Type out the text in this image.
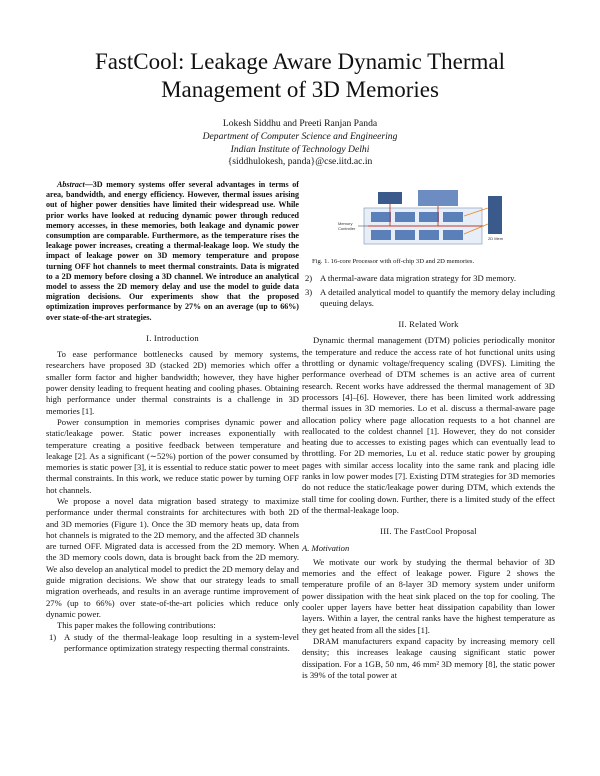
FastCool: Leakage Aware Dynamic Thermal
Management of 3D Memories
Lokesh Siddhu and Preeti Ranjan Panda
Department of Computer Science and Engineering
Indian Institute of Technology Delhi
{siddhulokesh, panda}@cse.iitd.ac.in

Abstract—3D memory systems offer several advantages in terms of area, bandwidth, and energy efficiency. However, thermal issues arising out of higher power densities have limited their widespread use. While prior works have looked at reducing dynamic power through reduced memory accesses, in these memories, both leakage and dynamic power consumption are comparable. Furthermore, as the temperature rises the leakage power increases, creating a thermal-leakage loop. We study the impact of leakage power on 3D memory temperature and propose turning OFF hot channels to meet thermal constraints. Data is migrated to a 2D memory before closing a 3D channel. We introduce an analytical model to assess the 2D memory delay and use the model to guide data migration decisions. Our experiments show that the proposed optimization improves performance by 27% on an average (up to 66%) over state-of-the-art strategies.

I. Introduction

To ease performance bottlenecks caused by memory systems, researchers have proposed 3D (stacked 2D) memories which offer a smaller form factor and higher bandwidth; however, they have higher power density leading to frequent heating and cooling phases. Obtaining high performance under thermal constraints is a challenge in 3D memories [1].

Power consumption in memories comprises dynamic power and static/leakage power. Static power increases exponentially with temperature creating a positive feedback between temperature and leakage [2]. As a significant (∼52%) portion of the power consumed by memories is static power [3], it is essential to reduce static power to meet thermal constraints. In this work, we reduce static power by turning OFF hot channels.

We propose a novel data migration based strategy to maximize performance under thermal constraints for architectures with both 2D and 3D memories (Figure 1). Once the 3D memory heats up, data from hot channels is migrated to the 2D memory, and the affected 3D channels are turned OFF. Migrated data is accessed from the 2D memory. When the 3D memory cools down, data is brought back from the 2D memory. We also develop an analytical model to predict the 2D memory delay and guide migration decisions. We show that our strategy leads to small migration overheads, and results in an average runtime improvement of 27% (up to 66%) over state-of-the-art policies which reduce only dynamic power.

This paper makes the following contributions:

1) A study of the thermal-leakage loop resulting in a system-level performance optimization strategy respecting thermal constraints.
Memory Controller
2D Mem
Fig. 1. 16-core Processor with off-chip 3D and 2D memories.
2) A thermal-aware data migration strategy for 3D memory.
3) A detailed analytical model to quantify the memory delay including queuing delays.
II. Related Work

Dynamic thermal management (DTM) policies periodically monitor the temperature and reduce the access rate of hot functional units using throttling or dynamic voltage/frequency scaling (DVFS). Limiting the performance overhead of DTM schemes is an active area of current research. Recent works have addressed the thermal management of 3D processors [4]–[6]. However, there has been limited work addressing thermal issues in 3D memories. Lo et al. discuss a thermal-aware page allocation policy where page allocation requests to a hot channel are reallocated to the coldest channel [1]. However, they do not consider heating due to accesses to existing pages which can eventually lead to throttling. For 2D memories, Lu et al. reduce static power by grouping pages with similar access locality into the same rank and placing idle ranks in low power modes [7]. Existing DTM strategies for 3D memories do not reduce the static/leakage power during DTM, which extends the stall time for cooling down. Further, there is a limited study of the effect of the thermal-leakage loop.

III. The FastCool Proposal
A. Motivation

We motivate our work by studying the thermal behavior of 3D memories and the effect of leakage power. Figure 2 shows the temperature profile of an 8-layer 3D memory system under uniform power dissipation with the heat sink placed on the top for cooling. The cooler upper layers have better heat dissipation capability than lower layers. Within a layer, the central ranks have the highest temperature as they get heated from all the sides [1].

DRAM manufacturers expand capacity by increasing memory cell density; this increases leakage causing significant static power dissipation. For a 1GB, 50 nm, 46 mm² 3D memory [8], the static power is 39% of the total power at
